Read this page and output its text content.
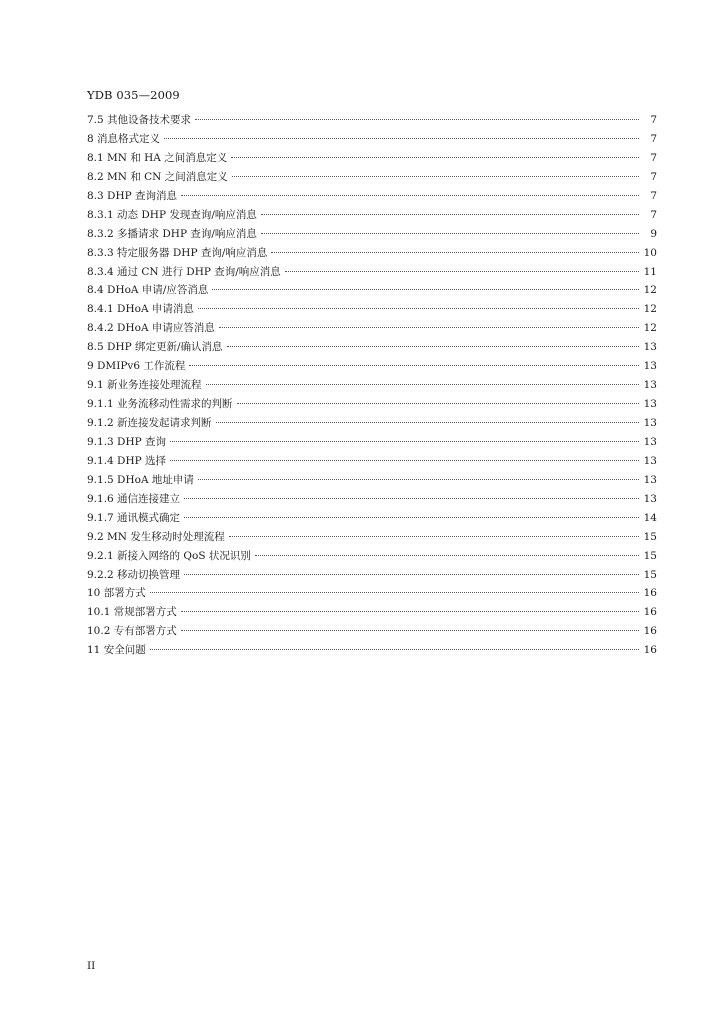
YDB 035—2009
7.5 其他设备技术要求	7
8 消息格式定义	7
8.1 MN 和 HA 之间消息定义	7
8.2 MN 和 CN 之间消息定义	7
8.3 DHP 查询消息	7
8.3.1 动态 DHP 发现查询/响应消息	7
8.3.2 多播请求 DHP 查询/响应消息	9
8.3.3 特定服务器 DHP 查询/响应消息	10
8.3.4 通过 CN 进行 DHP 查询/响应消息	11
8.4 DHoA 申请/应答消息	12
8.4.1 DHoA 申请消息	12
8.4.2 DHoA 申请应答消息	12
8.5 DHP 绑定更新/确认消息	13
9 DMIPv6 工作流程	13
9.1 新业务连接处理流程	13
9.1.1 业务流移动性需求的判断	13
9.1.2 新连接发起请求判断	13
9.1.3 DHP 查询	13
9.1.4 DHP 选择	13
9.1.5 DHoA 地址申请	13
9.1.6 通信连接建立	13
9.1.7 通讯模式确定	14
9.2 MN 发生移动时处理流程	15
9.2.1 新接入网络的 QoS 状况识别	15
9.2.2 移动切换管理	15
10 部署方式	16
10.1 常规部署方式	16
10.2 专有部署方式	16
11 安全问题	16
II
